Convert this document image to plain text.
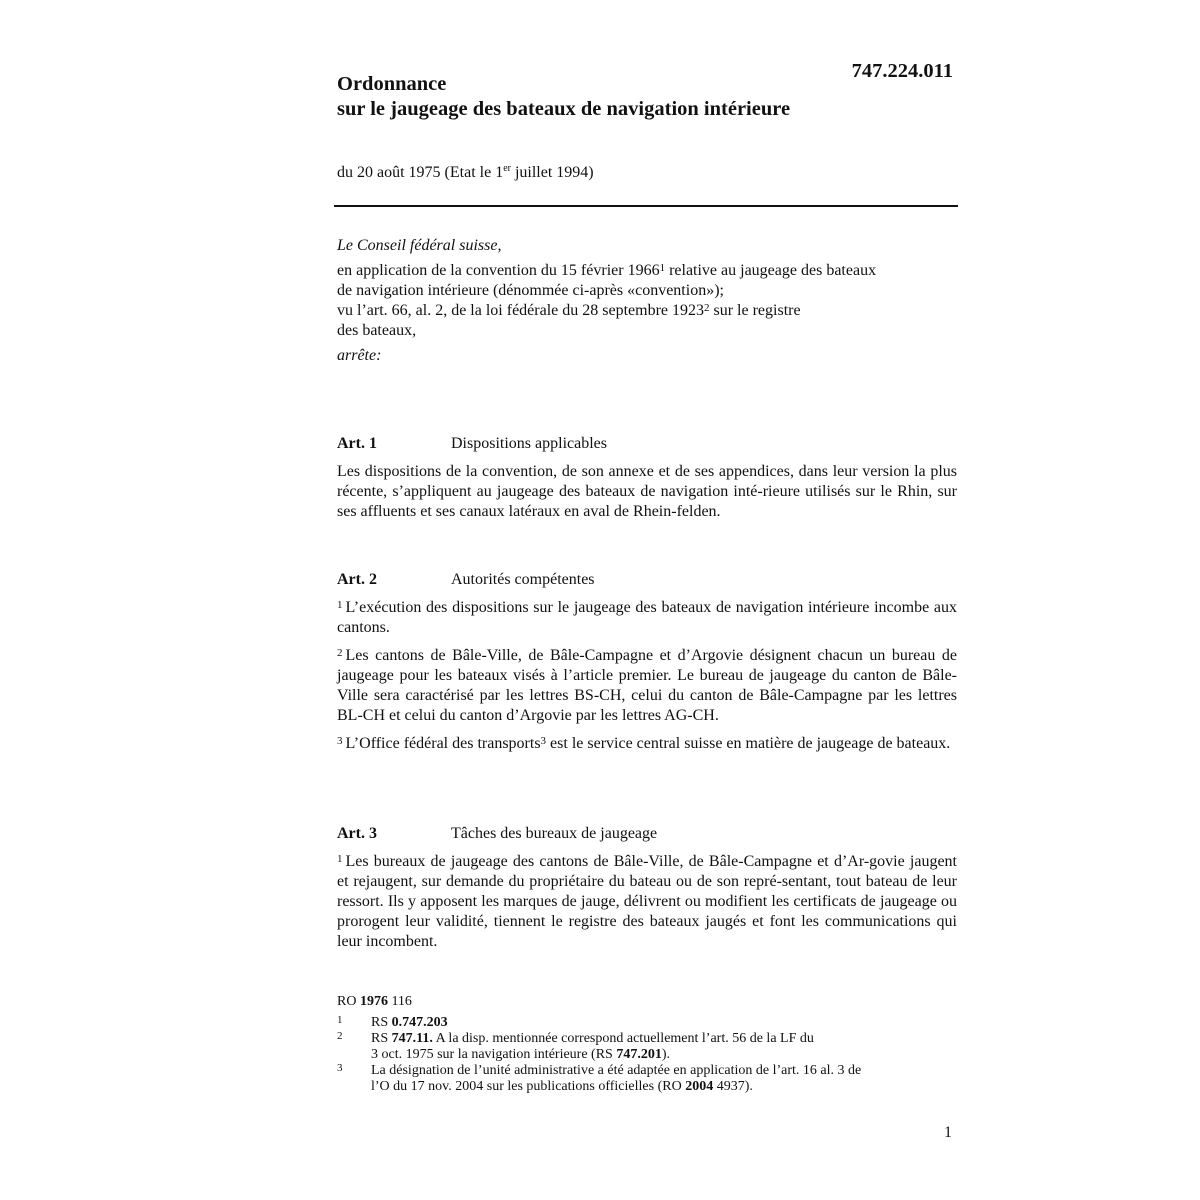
747.224.011
Ordonnance
sur le jaugeage des bateaux de navigation intérieure
du 20 août 1975 (Etat le 1er juillet 1994)
Le Conseil fédéral suisse,
en application de la convention du 15 février 1966$^1$ relative au jaugeage des bateaux
de navigation intérieure (dénommée ci-après «convention»);
vu l’art. 66, al. 2, de la loi fédérale du 28 septembre 1923$^2$ sur le registre
des bateaux,
arrête:
Art. 1	Dispositions applicables
Les dispositions de la convention, de son annexe et de ses appendices, dans leur version la plus récente, s’appliquent au jaugeage des bateaux de navigation inté-rieure utilisés sur le Rhin, sur ses affluents et ses canaux latéraux en aval de Rhein-felden.
Art. 2	Autorités compétentes
$^1$ L’exécution des dispositions sur le jaugeage des bateaux de navigation intérieure incombe aux cantons.
$^2$ Les cantons de Bâle-Ville, de Bâle-Campagne et d’Argovie désignent chacun un bureau de jaugeage pour les bateaux visés à l’article premier. Le bureau de jaugeage du canton de Bâle-Ville sera caractérisé par les lettres BS-CH, celui du canton de Bâle-Campagne par les lettres BL-CH et celui du canton d’Argovie par les lettres AG-CH.
$^3$ L’Office fédéral des transports$^3$ est le service central suisse en matière de jaugeage de bateaux.
Art. 3	Tâches des bureaux de jaugeage
$^1$ Les bureaux de jaugeage des cantons de Bâle-Ville, de Bâle-Campagne et d’Ar-govie jaugent et rejaugent, sur demande du propriétaire du bateau ou de son repré-sentant, tout bateau de leur ressort. Ils y apposent les marques de jauge, délivrent ou modifient les certificats de jaugeage ou prorogent leur validité, tiennent le registre des bateaux jaugés et font les communications qui leur incombent.
RO 1976 116
1 RS 0.747.203
2 RS 747.11. A la disp. mentionnée correspond actuellement l’art. 56 de la LF du
3 oct. 1975 sur la navigation intérieure (RS 747.201).
3 La désignation de l’unité administrative a été adaptée en application de l’art. 16 al. 3 de
l’O du 17 nov. 2004 sur les publications officielles (RO 2004 4937).
1
